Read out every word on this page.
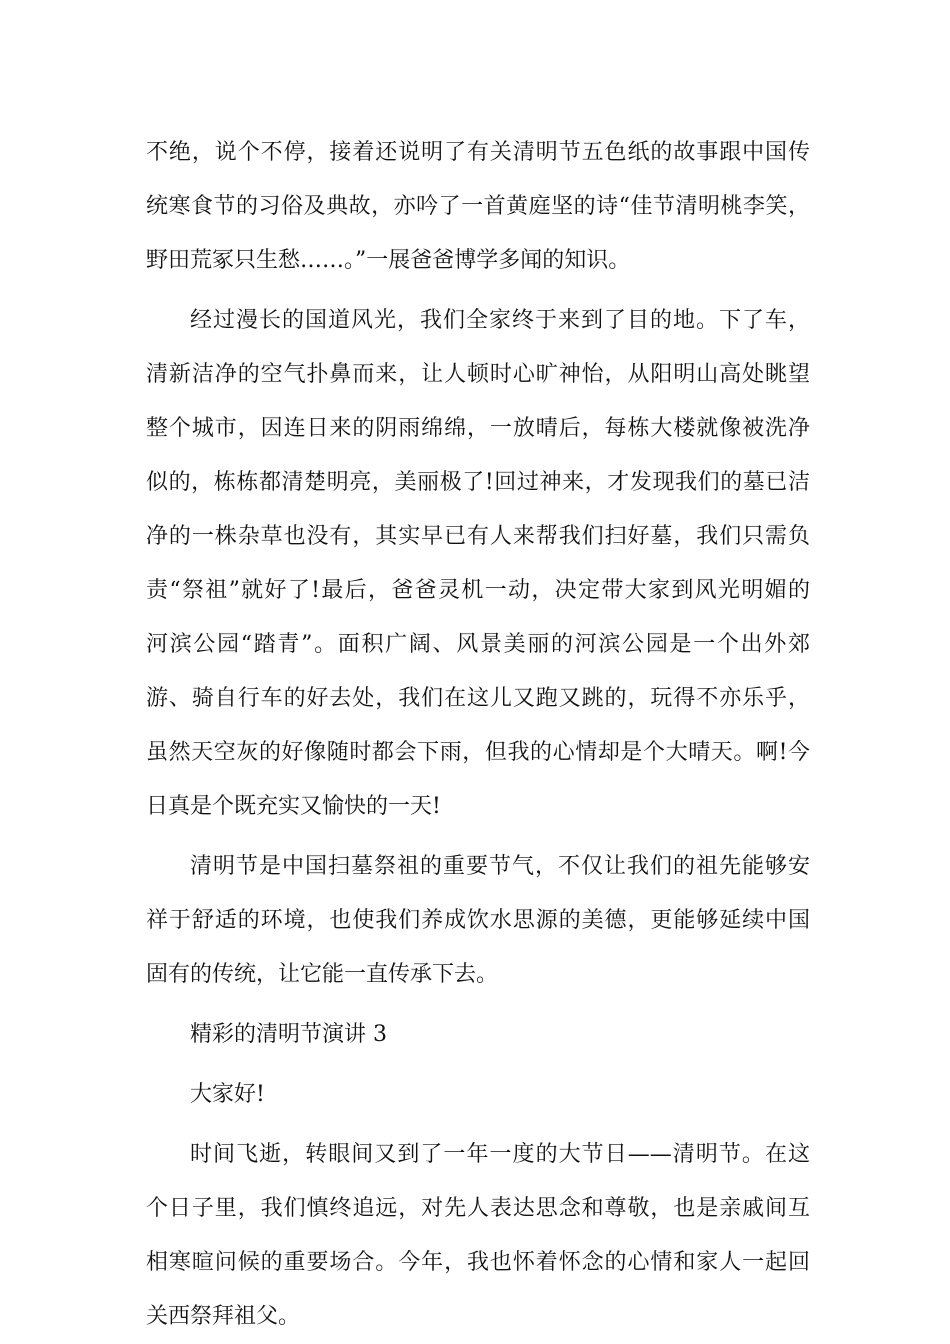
不绝，说个不停，接着还说明了有关清明节五色纸的故事跟中国传
统寒食节的习俗及典故，亦吟了一首黄庭坚的诗“佳节清明桃李笑，
野田荒冢只生愁……。”一展爸爸博学多闻的知识。
经过漫长的国道风光，我们全家终于来到了目的地。下了车，
清新洁净的空气扑鼻而来，让人顿时心旷神怡，从阳明山高处眺望
整个城市，因连日来的阴雨绵绵，一放晴后，每栋大楼就像被洗净
似的，栋栋都清楚明亮，美丽极了!回过神来，才发现我们的墓已洁
净的一株杂草也没有，其实早已有人来帮我们扫好墓，我们只需负
责“祭祖”就好了!最后，爸爸灵机一动，决定带大家到风光明媚的
河滨公园“踏青”。面积广阔、风景美丽的河滨公园是一个出外郊
游、骑自行车的好去处，我们在这儿又跑又跳的，玩得不亦乐乎，
虽然天空灰的好像随时都会下雨，但我的心情却是个大晴天。啊!今
日真是个既充实又愉快的一天!
清明节是中国扫墓祭祖的重要节气，不仅让我们的祖先能够安
祥于舒适的环境，也使我们养成饮水思源的美德，更能够延续中国
固有的传统，让它能一直传承下去。
精彩的清明节演讲 3
大家好!
时间飞逝，转眼间又到了一年一度的大节日——清明节。在这
个日子里，我们慎终追远，对先人表达思念和尊敬，也是亲戚间互
相寒暄问候的重要场合。今年，我也怀着怀念的心情和家人一起回
关西祭拜祖父。
